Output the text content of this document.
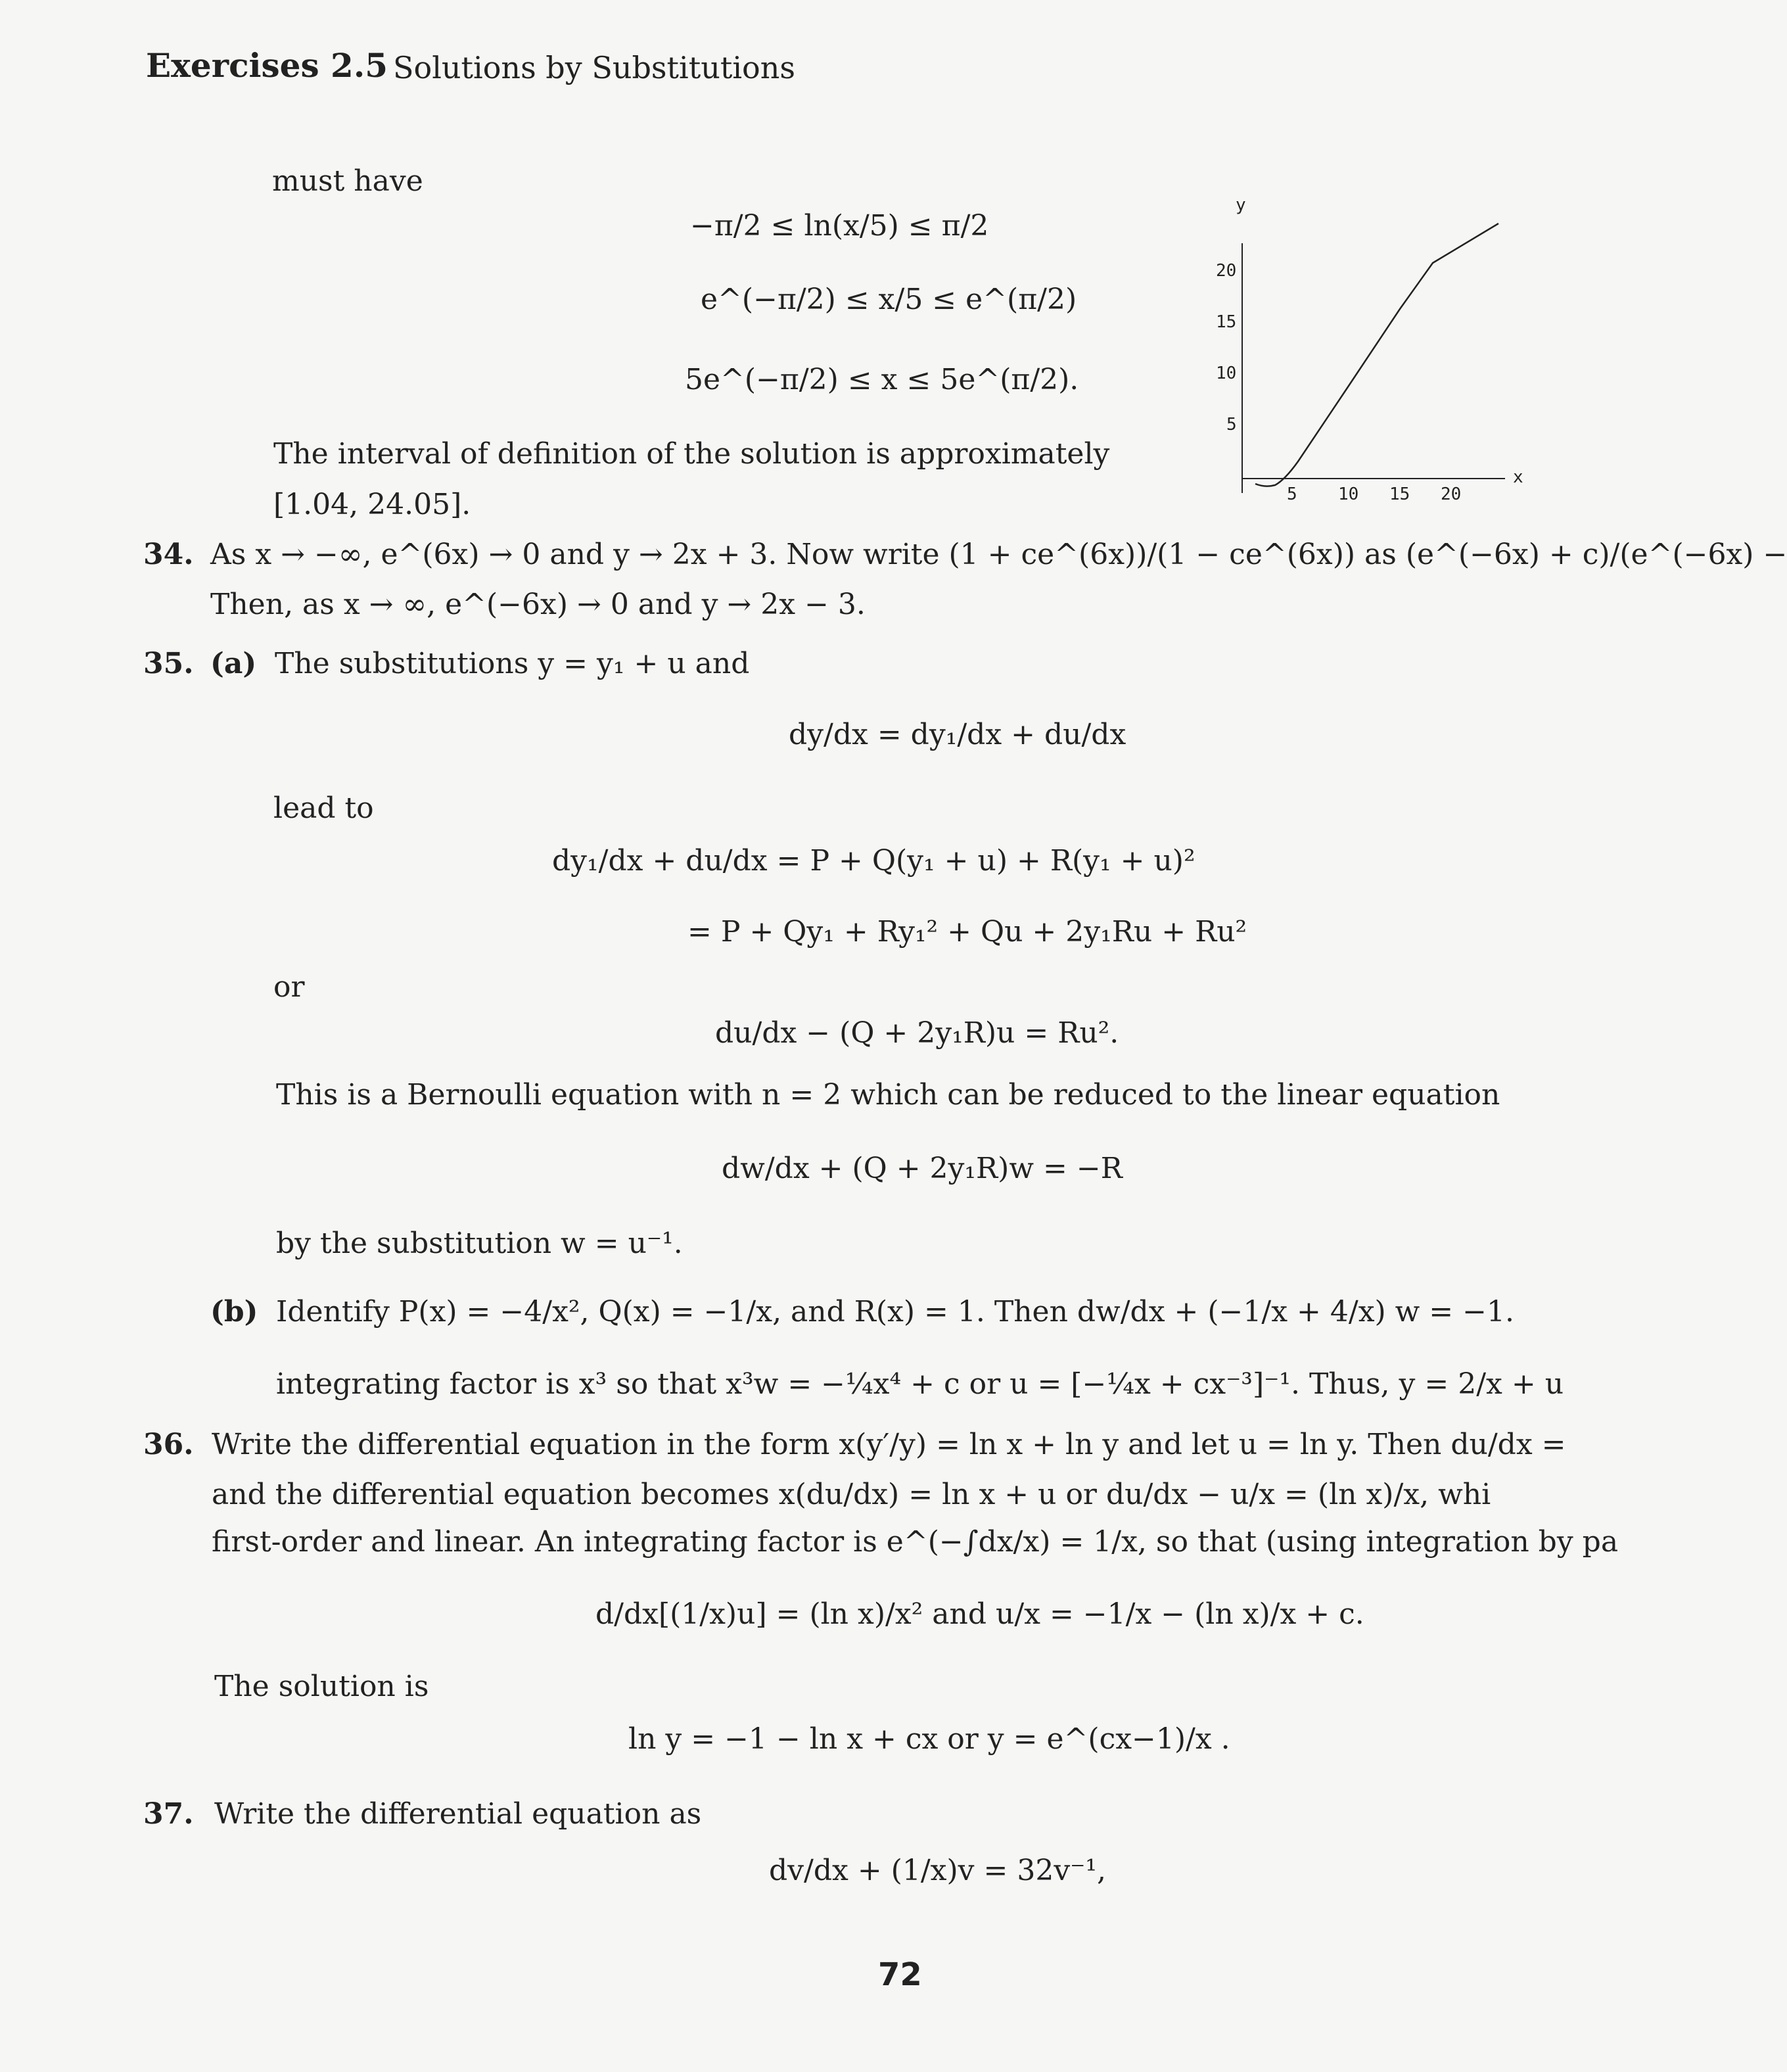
Exercises 2.5 Solutions by Substitutions
must have
−π/2 ≤ ln(x/5) ≤ π/2
e^(−π/2) ≤ x/5 ≤ e^(π/2)
5e^(−π/2) ≤ x ≤ 5e^(π/2).
The interval of definition of the solution is approximately
[1.04, 24.05].
y
x
20
15
10
5
5 10 15 20
34. As x → −∞, e^(6x) → 0 and y → 2x + 3. Now write (1 + ce^(6x))/(1 − ce^(6x)) as (e^(−6x) + c)/(e^(−6x) −
Then, as x → ∞, e^(−6x) → 0 and y → 2x − 3.
35. (a) The substitutions y = y₁ + u and
dy/dx = dy₁/dx + du/dx
lead to
dy₁/dx + du/dx = P + Q(y₁ + u) + R(y₁ + u)²
= P + Qy₁ + Ry₁² + Qu + 2y₁Ru + Ru²
or
du/dx − (Q + 2y₁R)u = Ru².
This is a Bernoulli equation with n = 2 which can be reduced to the linear equation
dw/dx + (Q + 2y₁R)w = −R
by the substitution w = u⁻¹.
(b) Identify P(x) = −4/x², Q(x) = −1/x, and R(x) = 1. Then dw/dx + (−1/x + 4/x) w = −1.
integrating factor is x³ so that x³w = −¼x⁴ + c or u = [−¼x + cx⁻³]⁻¹. Thus, y = 2/x + u
36. Write the differential equation in the form x(y′/y) = ln x + ln y and let u = ln y. Then du/dx =
and the differential equation becomes x(du/dx) = ln x + u or du/dx − u/x = (ln x)/x, whi
first-order and linear. An integrating factor is e^(−∫dx/x) = 1/x, so that (using integration by pa
d/dx[(1/x)u] = (ln x)/x² and u/x = −1/x − (ln x)/x + c.
The solution is
ln y = −1 − ln x + cx or y = e^(cx−1)/x .
37. Write the differential equation as
dv/dx + (1/x)v = 32v⁻¹,
72
